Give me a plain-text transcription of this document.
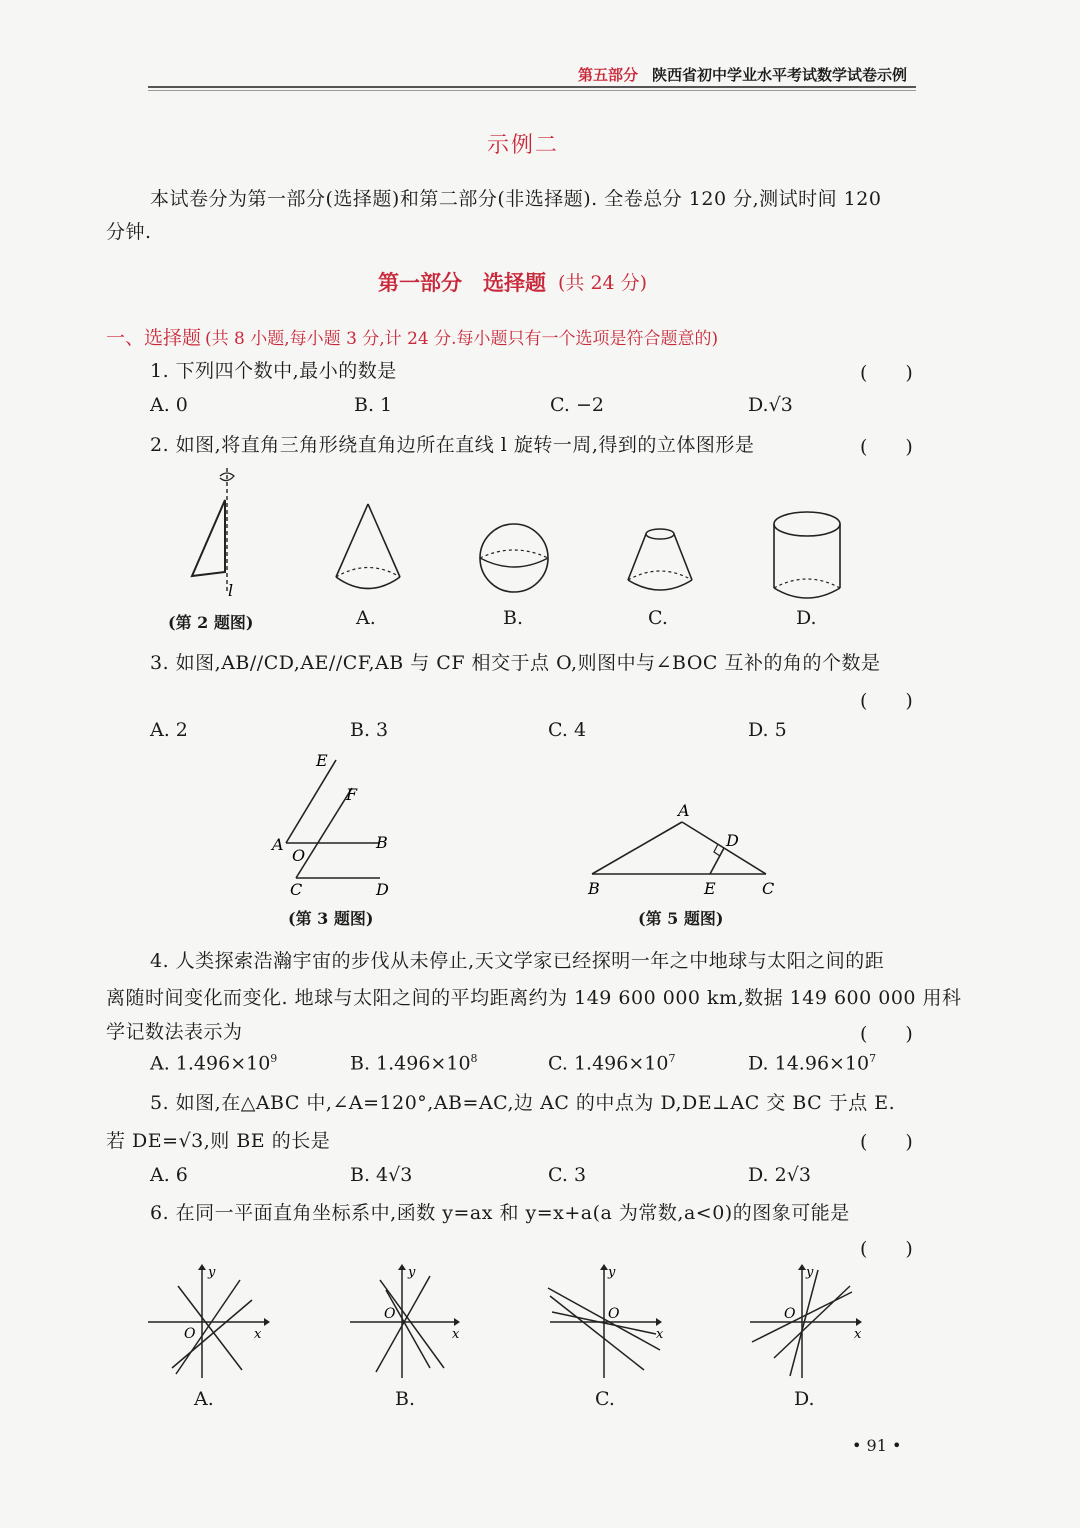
第五部分 陕西省初中学业水平考试数学试卷示例
示例二
本试卷分为第一部分(选择题)和第二部分(非选择题). 全卷总分 120 分,测试时间 120
分钟.
第一部分　选择题 (共 24 分)
一、选择题 (共 8 小题,每小题 3 分,计 24 分.每小题只有一个选项是符合题意的)
1. 下列四个数中,最小的数是	(　　)
A. 0	B. 1	C. −2	D.√3
2. 如图,将直角三角形绕直角边所在直线 l 旋转一周,得到的立体图形是	(　　)
l
(第 2 题图)	A.	B.	C.	D.
3. 如图,AB//CD,AE//CF,AB 与 CF 相交于点 O,则图中与∠BOC 互补的角的个数是
(　　)
A. 2	B. 3	C. 4	D. 5
E
F
A	B
O
C	D
(第 3 题图)
A
B
D
E	C
(第 5 题图)
4. 人类探索浩瀚宇宙的步伐从未停止,天文学家已经探明一年之中地球与太阳之间的距
离随时间变化而变化. 地球与太阳之间的平均距离约为 149 600 000 km,数据 149 600 000 用科
学记数法表示为	(　　)
A. $1.496\times 10^9$	B. $1.496\times 10^8$	C. $1.496\times 10^7$	D. $14.96\times 10^7$
5. 如图,在△ABC 中,∠A=120°,AB=AC,边 AC 的中点为 D,DE⊥AC 交 BC 于点 E.
若 DE=√3,则 BE 的长是	(　　)
A. 6	B. 4√3	C. 3	D. 2√3
6. 在同一平面直角坐标系中,函数 y=ax 和 y=x+a(a 为常数,a<0)的图象可能是
(　　)
y
x
O
y
x
O
y
x
O
y
x
O
A.	B.	C.	D.
• 91 •
